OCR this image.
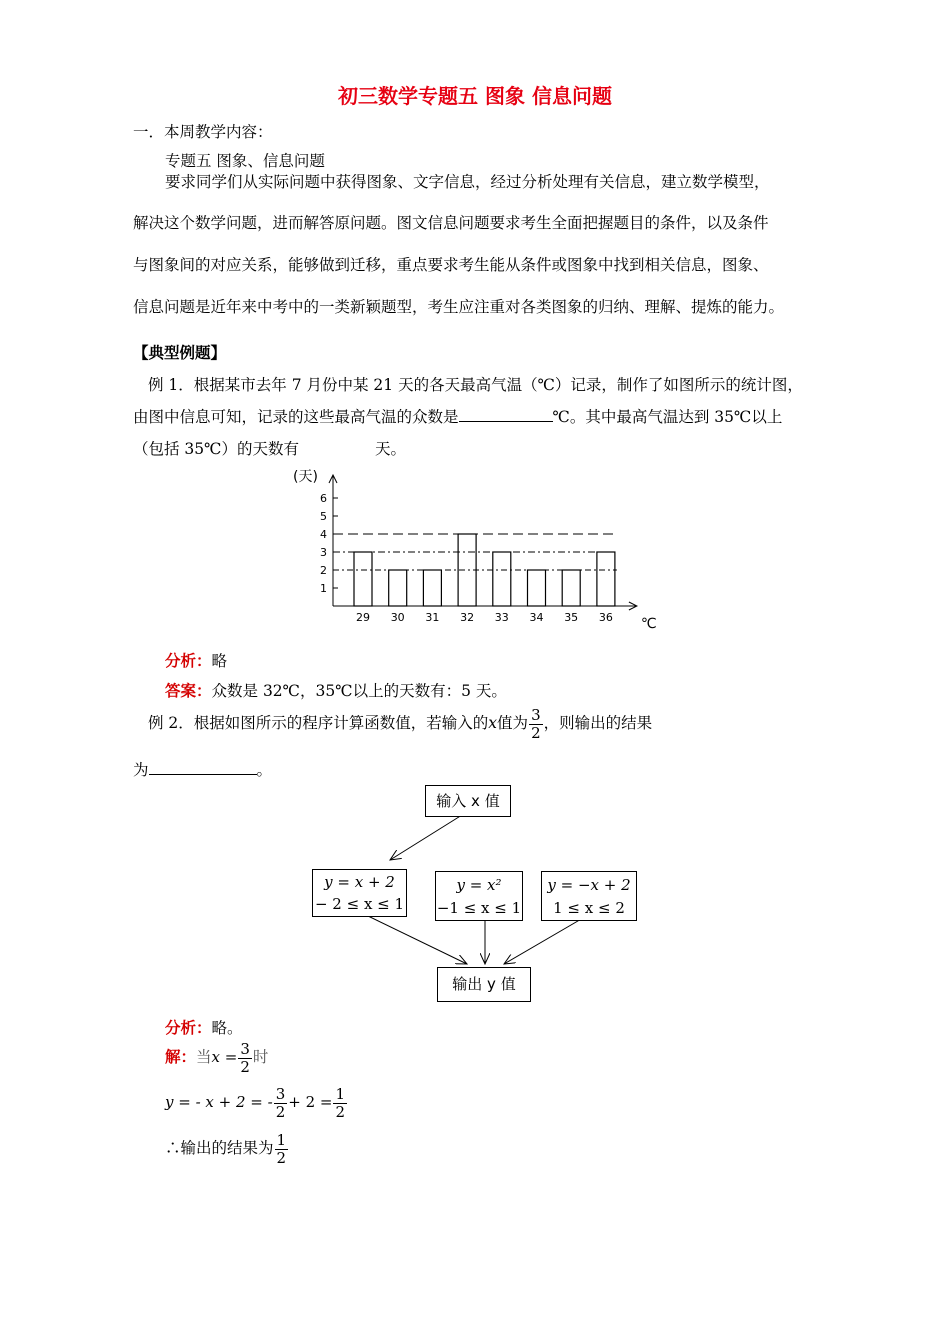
初三数学专题五 图象 信息问题
一．本周教学内容：
专题五 图象、信息问题
要求同学们从实际问题中获得图象、文字信息，经过分析处理有关信息，建立数学模型，
解决这个数学问题，进而解答原问题。图文信息问题要求考生全面把握题目的条件，以及条件
与图象间的对应关系，能够做到迁移，重点要求考生能从条件或图象中找到相关信息，图象、
信息问题是近年来中考中的一类新颖题型，考生应注重对各类图象的归纳、理解、提炼的能力。
【典型例题】
例 1．根据某市去年 7 月份中某 21 天的各天最高气温（℃）记录，制作了如图所示的统计图，
由图中信息可知，记录的这些最高气温的众数是	℃。其中最高气温达到 35℃以上
（包括 35℃）的天数有	天。
(天)
℃
1
2
3
4
5
6
29 30 31 32 33 34 35 36
分析：略
答案：众数是 32℃，35℃以上的天数有：5 天。
例 2．根据如图所示的程序计算函数值，若输入的x值为 $\frac{3}{2}$ ，则输出的结果
为	。
输入 x 值
y = x + 2
− 2 ≤ x ≤ 1
y = x²
−1 ≤ x ≤ 1
y = −x + 2
1 ≤ x ≤ 2
输出 y 值
分析：略。
解：当$x = \frac{3}{2}$ 时
y = - x + 2 = - $\frac{3}{2} + 2 = \frac{1}{2}$
∴输出的结果为 $\frac{1}{2}$
